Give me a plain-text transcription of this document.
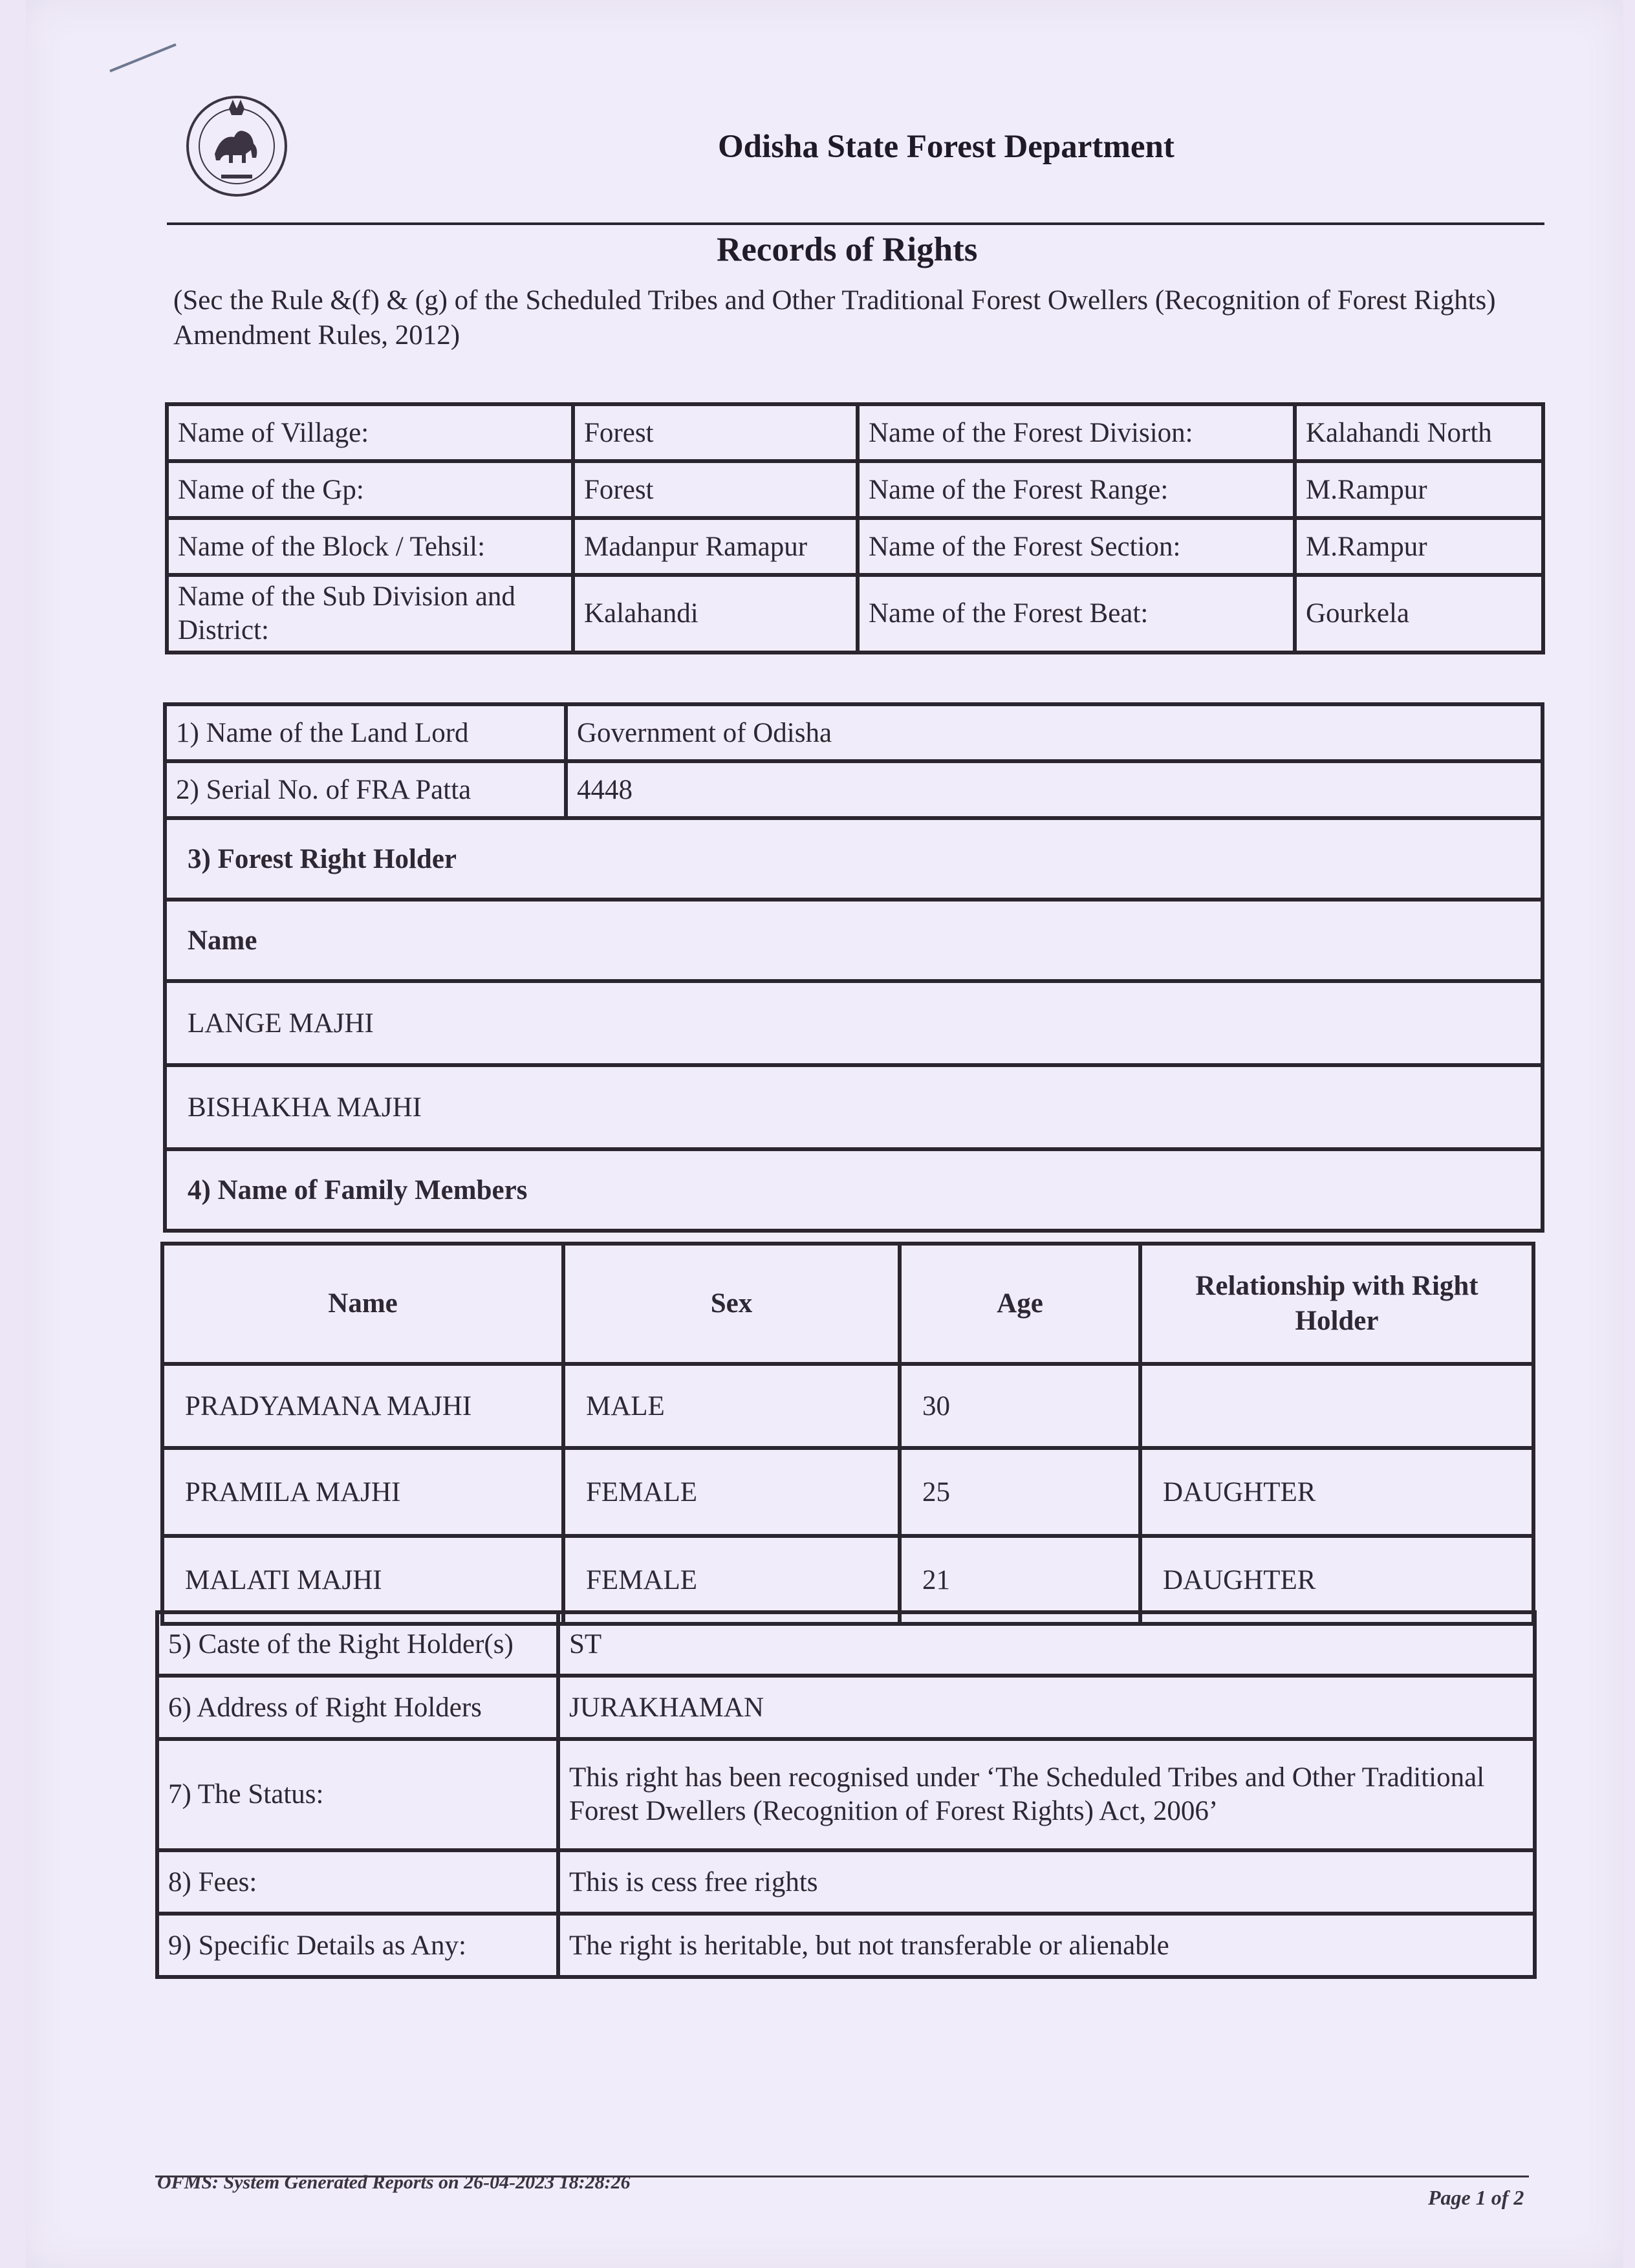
Odisha State Forest Department
Records of Rights
(Sec the Rule &(f) & (g) of the Scheduled Tribes and Other Traditional Forest Owellers (Recognition of Forest Rights) Amendment Rules, 2012)
Name of Village:	Forest	Name of the Forest Division:	Kalahandi North
Name of the Gp:	Forest	Name of the Forest Range:	M.Rampur
Name of the Block / Tehsil:	Madanpur Ramapur	Name of the Forest Section:	M.Rampur
Name of the Sub Division and District:	Kalahandi	Name of the Forest Beat:	Gourkela
1) Name of the Land Lord	Government of Odisha
2) Serial No. of FRA Patta	4448
3) Forest Right Holder	
Name	
LANGE MAJHI	
BISHAKHA MAJHI	
4) Name of Family Members	
Name	Sex	Age	Relationship with Right Holder
PRADYAMANA MAJHI	MALE	30	
PRAMILA MAJHI	FEMALE	25	DAUGHTER
MALATI MAJHI	FEMALE	21	DAUGHTER
5) Caste of the Right Holder(s)	ST
6) Address of Right Holders	JURAKHAMAN
7) The Status:	This right has been recognised under ‘The Scheduled Tribes and Other Traditional Forest Dwellers (Recognition of Forest Rights) Act, 2006’
8) Fees:	This is cess free rights
9) Specific Details as Any:	The right is heritable, but not transferable or alienable
OFMS: System Generated Reports on 26-04-2023 18:28:26
Page 1 of 2
